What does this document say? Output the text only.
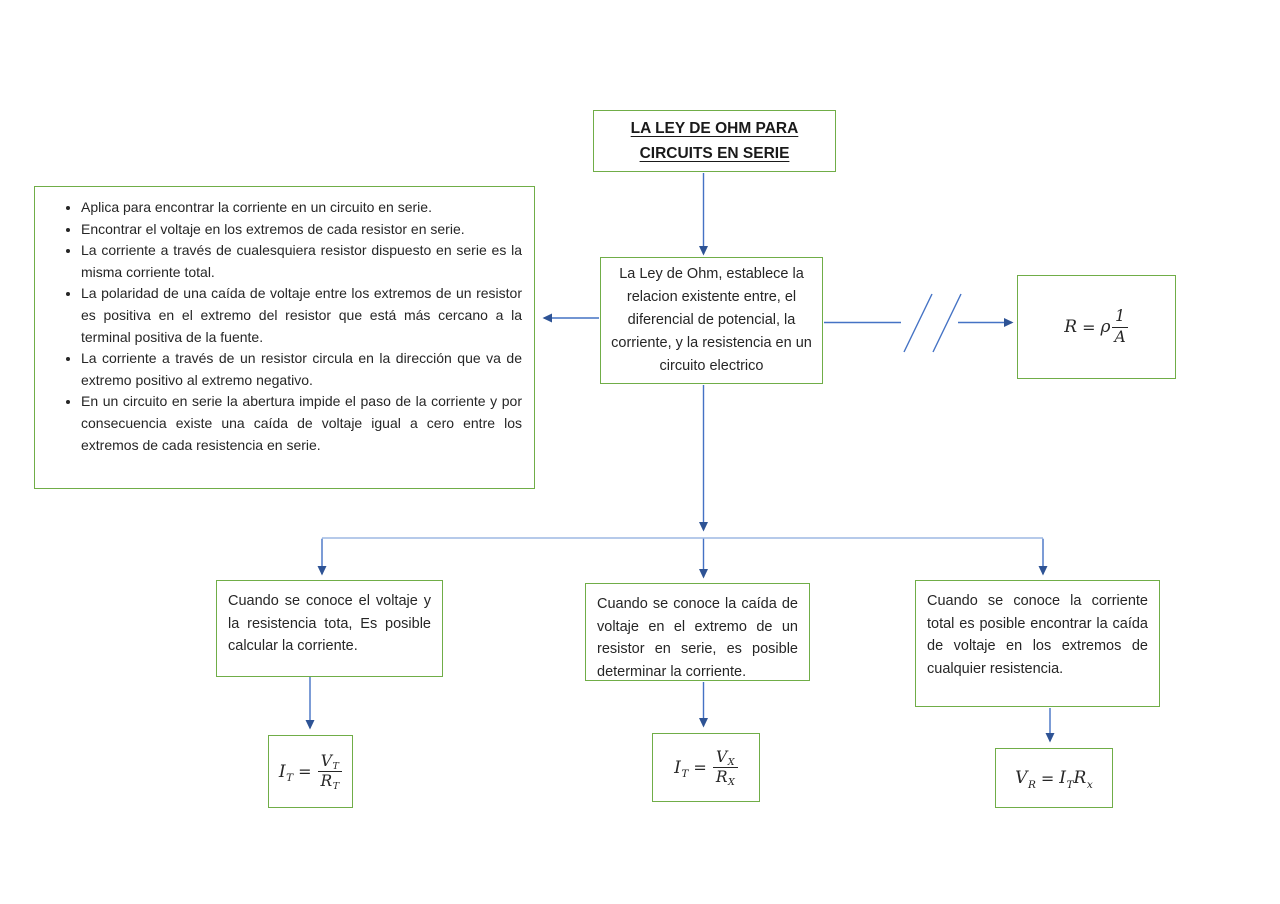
LA LEY DE OHM PARA
CIRCUITS EN SERIE
• Aplica para encontrar la corriente en un circuito en serie.
• Encontrar el voltaje en los extremos de cada resistor en serie.
• La corriente a través de cualesquiera resistor dispuesto en serie es la misma corriente total.
• La polaridad de una caída de voltaje entre los extremos de un resistor es positiva en el extremo del resistor que está más cercano a la terminal positiva de la fuente.
• La corriente a través de un resistor circula en la dirección que va de extremo positivo al extremo negativo.
• En un circuito en serie la abertura impide el paso de la corriente y por consecuencia existe una caída de voltaje igual a cero entre los extremos de cada resistencia en serie.
La Ley de Ohm, establece la relacion existente entre, el diferencial de potencial, la corriente, y la resistencia en un circuito electrico
R = ρ $\frac{1}{A}$
Cuando se conoce el voltaje y la resistencia tota, Es posible calcular la corriente.
Cuando se conoce la caída de voltaje en el extremo de un resistor en serie, es posible determinar la corriente.
Cuando se conoce la corriente total es posible encontrar la caída de voltaje en los extremos de cualquier resistencia.
I $T = \frac{\text{V T}}{\text{R T}}$	I $T = \frac{\text{V X}}{\text{R X}}$	V R = I T R x
